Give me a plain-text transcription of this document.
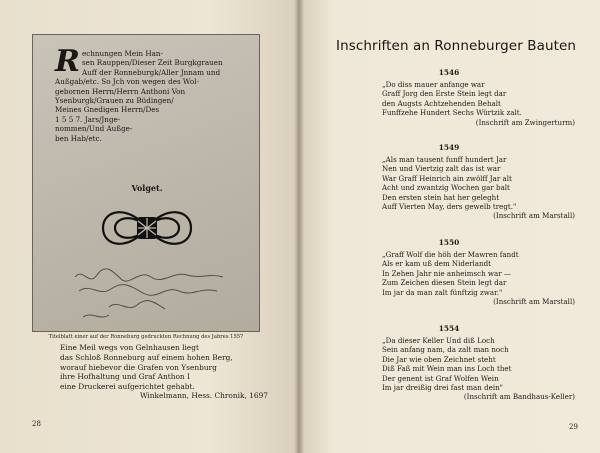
Rechnungen Mein Han-
sen Rauppen/Dieser Zeit Burgkgrauen
Auff der Ronneburgk/Aller Jnnam und
Außgab/etc. So Jch von wegen des Wol-
gebornen Herrn/Herrn Anthoni Von
Ysenburgk/Grauen zu Büdingen/
Meines Gnedigen Herrn/Des
1 5 5 7. Jars/Jnge-
nommen/Und Außge-
ben Hab/etc.
Volget.
Titelblatt einer auf der Ronneburg gedruckten Rechnung des Jahres 1557
Eine Meil wegs von Gelnhausen liegt
das Schloß Ronneburg auf einem hohen Berg,
worauf hiebevor die Grafen von Ysenburg
ihre Hofhaltung und Graf Anthon I
eine Druckerei aufgerichtet gehabt.
Winkelmann, Hess. Chronik, 1697
28
Inschriften an Ronneburger Bauten
1546
„Do diss mauer anfange war
Graff Jorg den Erste Stein legt dar
den Augsts Achtzehenden Behalt
Funffzehe Hundert Sechs Würtzik zalt.
(Inschrift am Zwingerturm)
1549
„Als man tausent funff hundert Jar
Nen und Viertzig zalt das ist war
War Graff Heinrich ain zwölff Jar alt
Acht und zwantzig Wochen gar balt
Den ersten stein hat her geleght
Auff Vierten May, ders gewelb tregt."
(Inschrift am Marstall)
1550
„Graff Wolf die höh der Mawren fandt
Als er kam uß dem Niderlandt
In Zehen Jahr nie anheimsch war —
Zum Zeichen diesen Stein legt dar
Im jar da man zalt fünftzig zwar."
(Inschrift am Marstall)
1554
„Da dieser Keller Und diß Loch
Sein anfang nam, da zalt man noch
Die Jar wie oben Zeichnet steht
Diß Faß mit Wein man ins Loch thet
Der genent ist Graf Wolfen Wein
Im jar dreißig drei fast man dein"
(Inschrift am Bandhaus-Keller)
29
